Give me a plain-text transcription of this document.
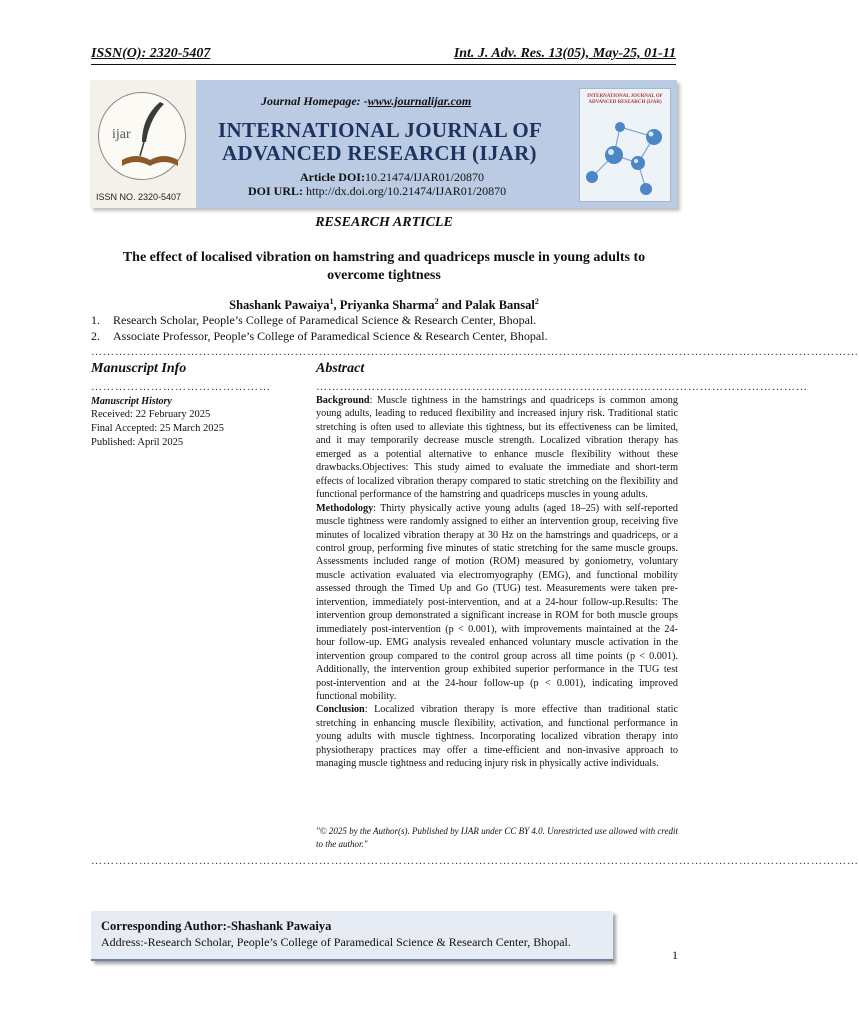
ISSN(O): 2320-5407	Int. J. Adv. Res. 13(05), May-25, 01-11
ijar
ISSN NO. 2320-5407
Journal Homepage: -www.journalijar.com
INTERNATIONAL JOURNAL OF
ADVANCED RESEARCH (IJAR)
Article DOI:10.21474/IJAR01/20870
DOI URL: http://dx.doi.org/10.21474/IJAR01/20870
INTERNATIONAL JOURNAL OF ADVANCED RESEARCH (IJAR)
RESEARCH ARTICLE
The effect of localised vibration on hamstring and quadriceps muscle in young adults to overcome tightness
Shashank Pawaiya$^1$, Priyanka Sharma$^2$ and Palak Bansal$^2$
1. Research Scholar, People’s College of Paramedical Science & Research Center, Bhopal.
2. Associate Professor, People’s College of Paramedical Science & Research Center, Bhopal.
…………………………………………………………………………………………………………………………………………………………………………
Manuscript Info	Abstract
………………………………………	……………………………………………………………………………………………………………
Manuscript History
Received: 22 February 2025
Final Accepted: 25 March 2025
Published: April 2025

Background: Muscle tightness in the hamstrings and quadriceps is common among young adults, leading to reduced flexibility and increased injury risk. Traditional static stretching is often used to alleviate this tightness, but its effectiveness can be limited, and it may temporarily decrease muscle strength. Localized vibration therapy has emerged as a potential alternative to enhance muscle flexibility without these drawbacks.Objectives: This study aimed to evaluate the immediate and short-term effects of localized vibration therapy compared to static stretching on the flexibility and functional performance of the hamstring and quadriceps muscles in young adults.

Methodology: Thirty physically active young adults (aged 18–25) with self-reported muscle tightness were randomly assigned to either an intervention group, receiving five minutes of localized vibration therapy at 30 Hz on the hamstrings and quadriceps, or a control group, performing five minutes of static stretching for the same muscle groups. Assessments included range of motion (ROM) measured by goniometry, voluntary muscle activation evaluated via electromyography (EMG), and functional mobility assessed through the Timed Up and Go (TUG) test. Measurements were taken pre-intervention, immediately post-intervention, and at a 24-hour follow-up.Results: The intervention group demonstrated a significant increase in ROM for both muscle groups immediately post-intervention (p < 0.001), with improvements maintained at the 24-hour follow-up. EMG analysis revealed enhanced voluntary muscle activation in the intervention group compared to the control group across all time points (p < 0.001). Additionally, the intervention group exhibited superior performance in the TUG test post-intervention and at the 24-hour follow-up (p < 0.001), indicating improved functional mobility.

Conclusion: Localized vibration therapy is more effective than traditional static stretching in enhancing muscle flexibility, activation, and functional performance in young adults with muscle tightness. Incorporating localized vibration therapy into physiotherapy practices may offer a time-efficient and non-invasive approach to managing muscle tightness and reducing injury risk in physically active individuals.

"© 2025 by the Author(s). Published by IJAR under CC BY 4.0. Unrestricted use allowed with credit to the author."
…………………………………………………………………………………………………………………………………………………………………………
Corresponding Author:-Shashank Pawaiya
Address:-Research Scholar, People’s College of Paramedical Science & Research Center, Bhopal.
1
